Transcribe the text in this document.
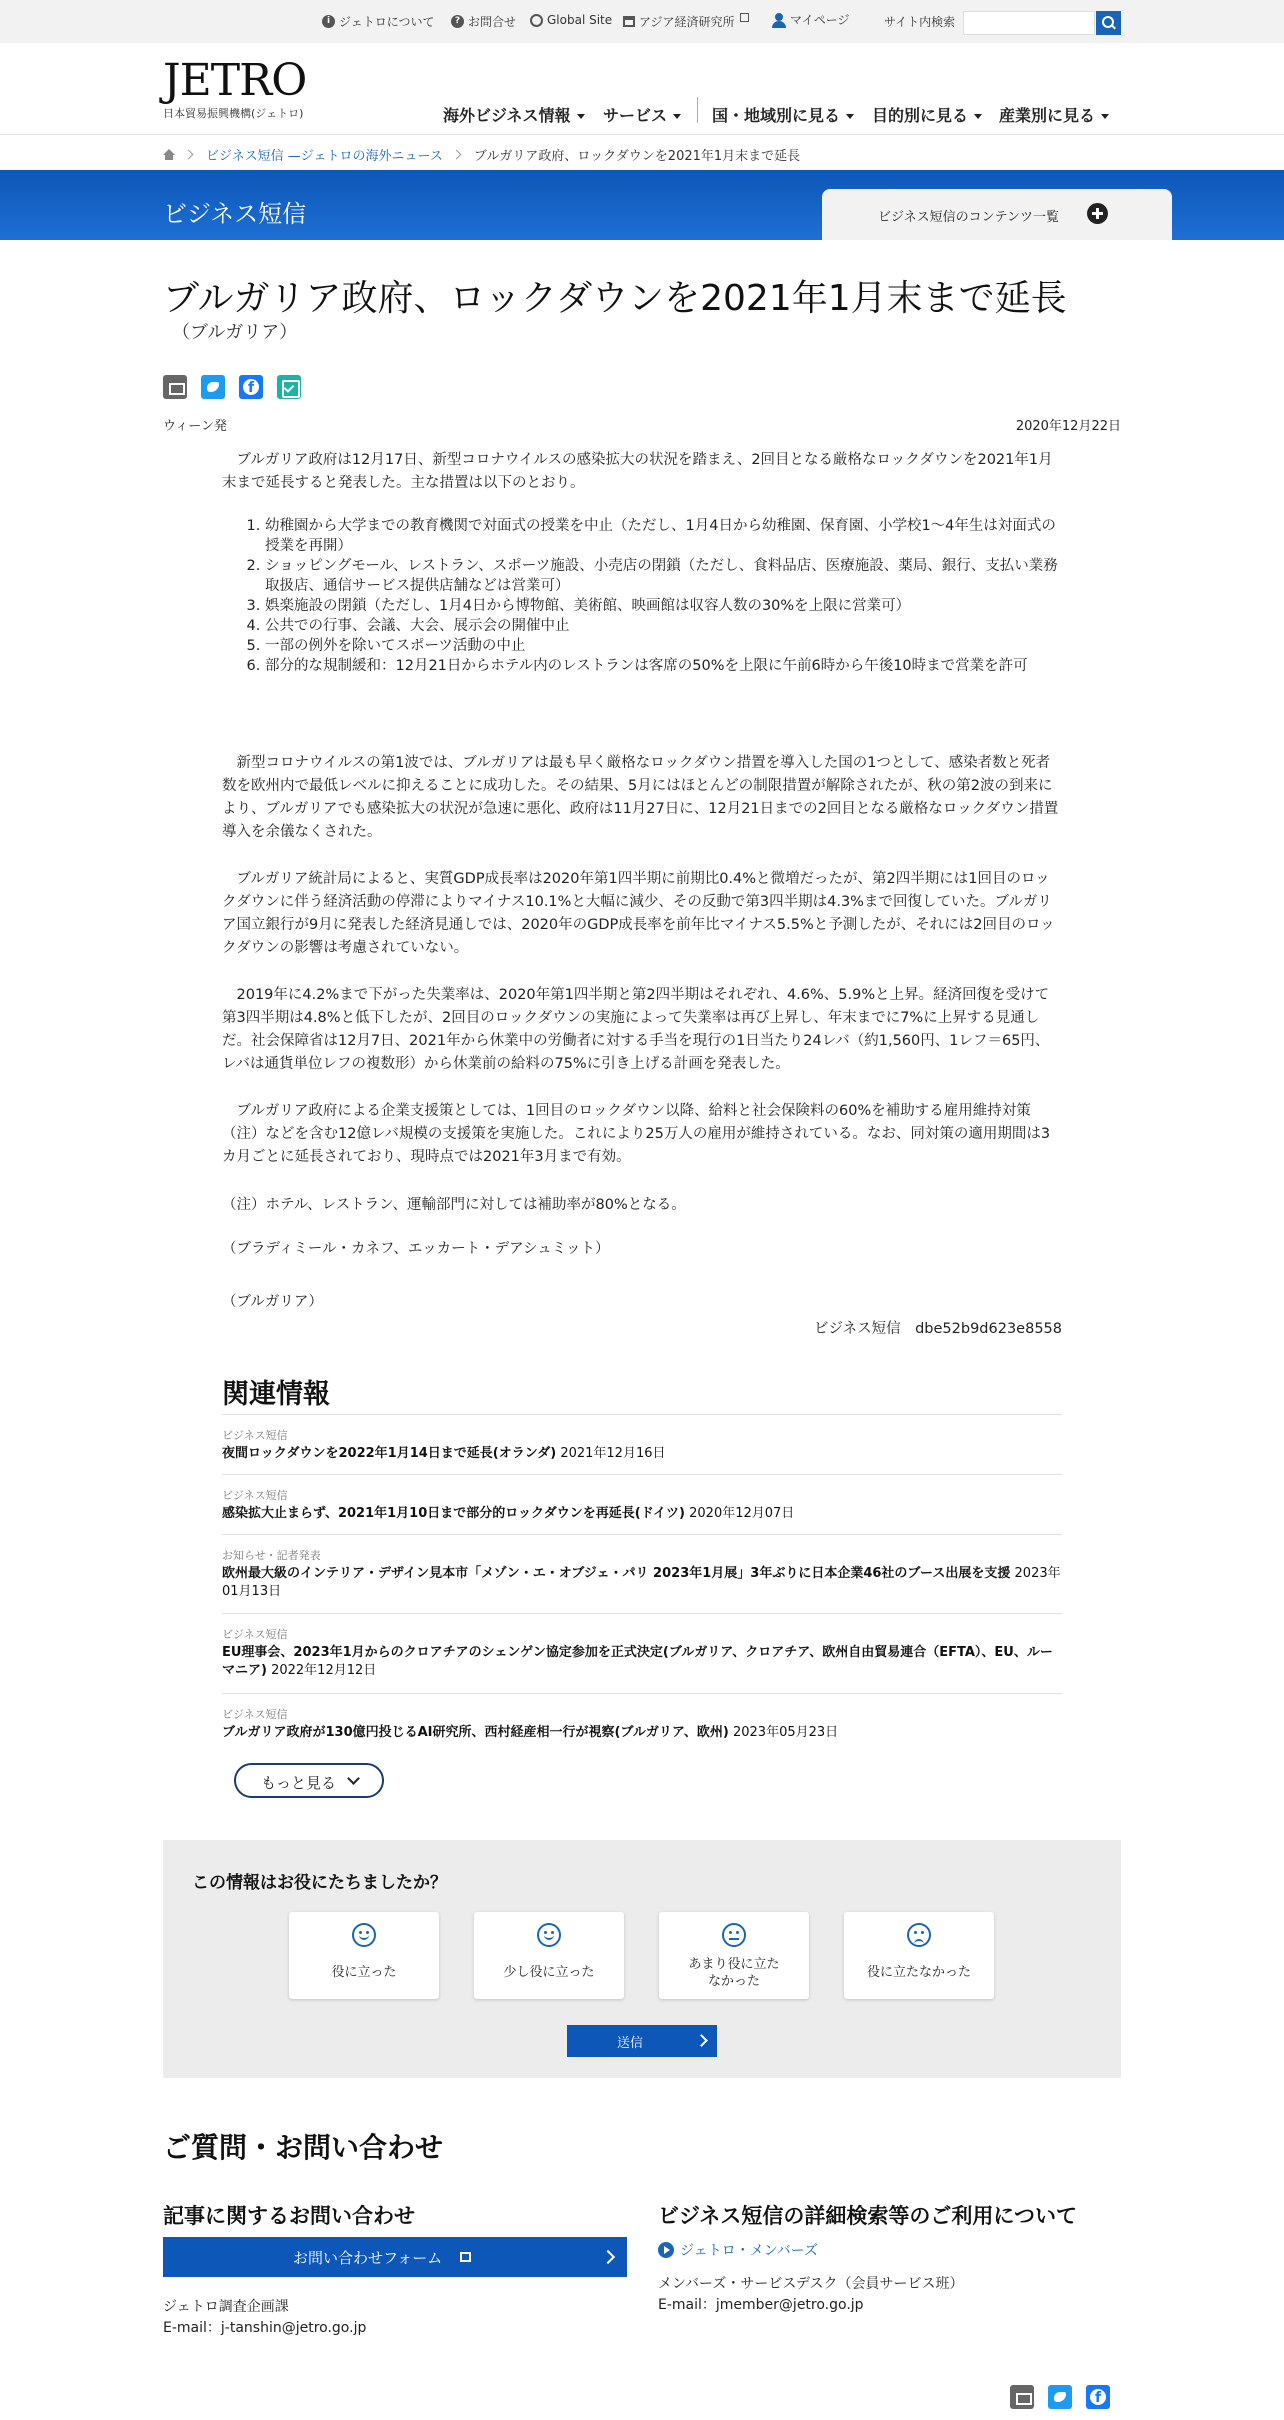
i ジェトロについて	? お問合せ	Global Site アジア経済研究所	マイページ	サイト内検索
JETRO
日本貿易振興機構(ジェトロ)	海外ビジネス情報	サービス	国・地域別に見る	目的別に見る	産業別に見る
ビジネス短信 —ジェトロの海外ニュース ブルガリア政府、ロックダウンを2021年1月末まで延長
ビジネス短信	ビジネス短信のコンテンツ一覧
ブルガリア政府、ロックダウンを2021年1月末まで延長
（ブルガリア）
f
ウィーン発	2020年12月22日

ブルガリア政府は12月17日、新型コロナウイルスの感染拡大の状況を踏まえ、2回目となる厳格なロックダウンを2021年1月末まで延長すると発表した。主な措置は以下のとおり。

1. 幼稚園から大学までの教育機関で対面式の授業を中止（ただし、1月4日から幼稚園、保育園、小学校1～4年生は対面式の授業を再開）
2. ショッピングモール、レストラン、スポーツ施設、小売店の閉鎖（ただし、食料品店、医療施設、薬局、銀行、支払い業務取扱店、通信サービス提供店舗などは営業可）
3. 娯楽施設の閉鎖（ただし、1月4日から博物館、美術館、映画館は収容人数の30%を上限に営業可）
4. 公共での行事、会議、大会、展示会の開催中止
5. 一部の例外を除いてスポーツ活動の中止
6. 部分的な規制緩和：12月21日からホテル内のレストランは客席の50%を上限に午前6時から午後10時まで営業を許可

新型コロナウイルスの第1波では、ブルガリアは最も早く厳格なロックダウン措置を導入した国の1つとして、感染者数と死者数を欧州内で最低レベルに抑えることに成功した。その結果、5月にはほとんどの制限措置が解除されたが、秋の第2波の到来により、ブルガリアでも感染拡大の状況が急速に悪化、政府は11月27日に、12月21日までの2回目となる厳格なロックダウン措置導入を余儀なくされた。

ブルガリア統計局によると、実質GDP成長率は2020年第1四半期に前期比0.4%と微増だったが、第2四半期には1回目のロックダウンに伴う経済活動の停滞によりマイナス10.1%と大幅に減少、その反動で第3四半期は4.3%まで回復していた。ブルガリア国立銀行が9月に発表した経済見通しでは、2020年のGDP成長率を前年比マイナス5.5%と予測したが、それには2回目のロックダウンの影響は考慮されていない。

2019年に4.2%まで下がった失業率は、2020年第1四半期と第2四半期はそれぞれ、4.6%、5.9%と上昇。経済回復を受けて第3四半期は4.8%と低下したが、2回目のロックダウンの実施によって失業率は再び上昇し、年末までに7%に上昇する見通しだ。社会保障省は12月7日、2021年から休業中の労働者に対する手当を現行の1日当たり24レバ（約1,560円、1レフ＝65円、レバは通貨単位レフの複数形）から休業前の給料の75%に引き上げる計画を発表した。

ブルガリア政府による企業支援策としては、1回目のロックダウン以降、給料と社会保険料の60%を補助する雇用維持対策（注）などを含む12億レバ規模の支援策を実施した。これにより25万人の雇用が維持されている。なお、同対策の適用期間は3カ月ごとに延長されており、現時点では2021年3月まで有効。

（注）ホテル、レストラン、運輸部門に対しては補助率が80%となる。
（ブラディミール・カネフ、エッカート・デアシュミット）
（ブルガリア）
ビジネス短信　dbe52b9d623e8558
関連情報
ビジネス短信
夜間ロックダウンを2022年1月14日まで延長(オランダ) 2021年12月16日
ビジネス短信
感染拡大止まらず、2021年1月10日まで部分的ロックダウンを再延長(ドイツ) 2020年12月07日
お知らせ・記者発表
欧州最大級のインテリア・デザイン見本市「メゾン・エ・オブジェ・パリ 2023年1月展」3年ぶりに日本企業46社のブース出展を支援 2023年01月13日
ビジネス短信
EU理事会、2023年1月からのクロアチアのシェンゲン協定参加を正式決定(ブルガリア、クロアチア、欧州自由貿易連合（EFTA）、EU、ルーマニア) 2022年12月12日
ビジネス短信
ブルガリア政府が130億円投じるAI研究所、西村経産相一行が視察(ブルガリア、欧州) 2023年05月23日
もっと見る
この情報はお役にたちましたか？
役に立った	少し役に立った
あまり役に立た
なかった
役に立たなかった
送信
ご質問・お問い合わせ
記事に関するお問い合わせ
お問い合わせフォーム
ジェトロ調査企画課
E-mail：j-tanshin@jetro.go.jp
ビジネス短信の詳細検索等のご利用について
ジェトロ・メンバーズ
メンバーズ・サービスデスク（会員サービス班）
E-mail：jmember@jetro.go.jp
f
